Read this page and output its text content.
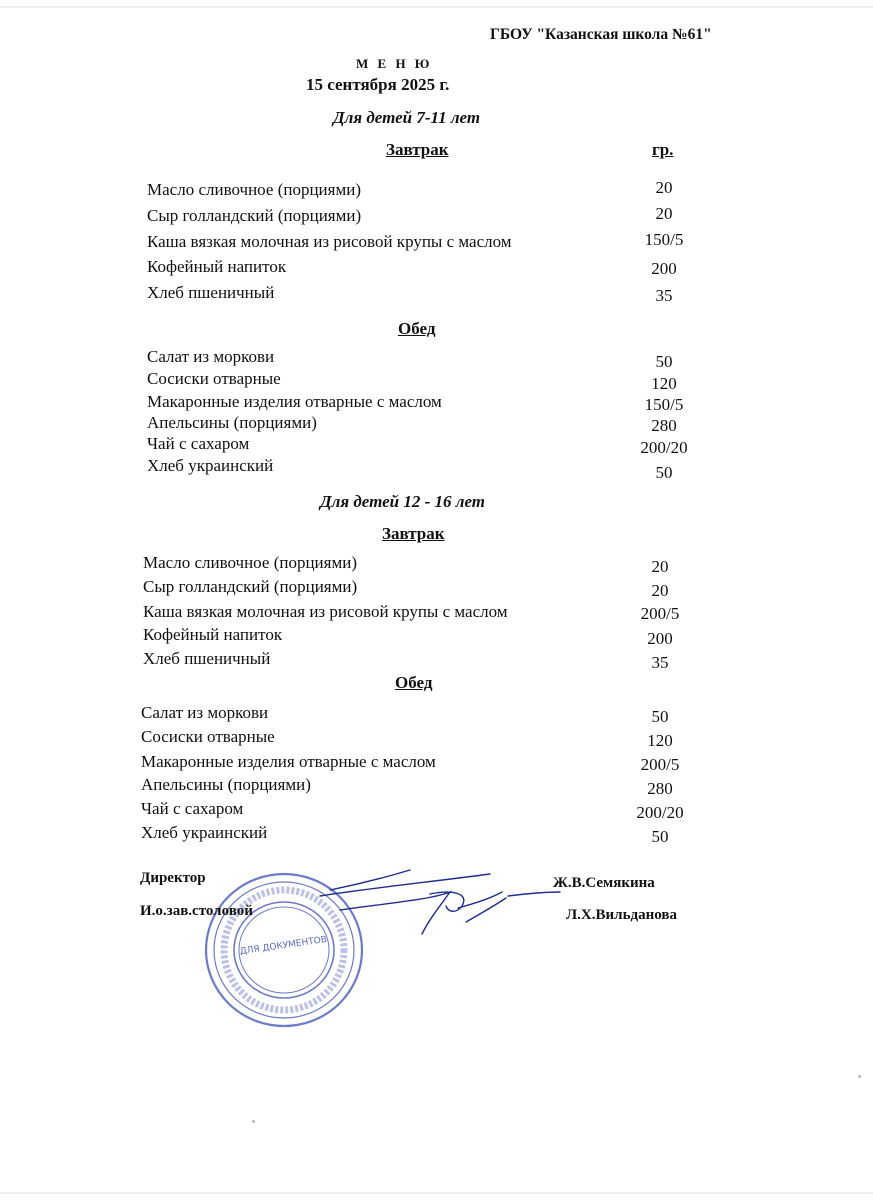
ГБОУ "Казанская школа №61"
М Е Н Ю
15 сентября 2025 г.
Для детей 7-11 лет
Завтрак	гр.
Масло сливочное (порциями)	20
Сыр голландский (порциями)	20
Каша вязкая молочная из рисовой крупы с маслом	150/5
Кофейный напиток	200
Хлеб пшеничный	35
Обед
Салат из моркови	50
Сосиски отварные	120
Макаронные изделия отварные с маслом	150/5
Апельсины (порциями)	280
Чай с сахаром	200/20
Хлеб украинский	50
Для детей 12 - 16 лет
Завтрак
Масло сливочное (порциями)	20
Сыр голландский (порциями)	20
Каша вязкая молочная из рисовой крупы с маслом	200/5
Кофейный напиток	200
Хлеб пшеничный	35
Обед
Салат из моркови	50
Сосиски отварные	120
Макаронные изделия отварные с маслом	200/5
Апельсины (порциями)	280
Чай с сахаром	200/20
Хлеб украинский	50
ДЛЯ ДОКУМЕНТОВ
Директор	Ж.В.Семякина
И.о.зав.столовой	Л.Х.Вильданова
